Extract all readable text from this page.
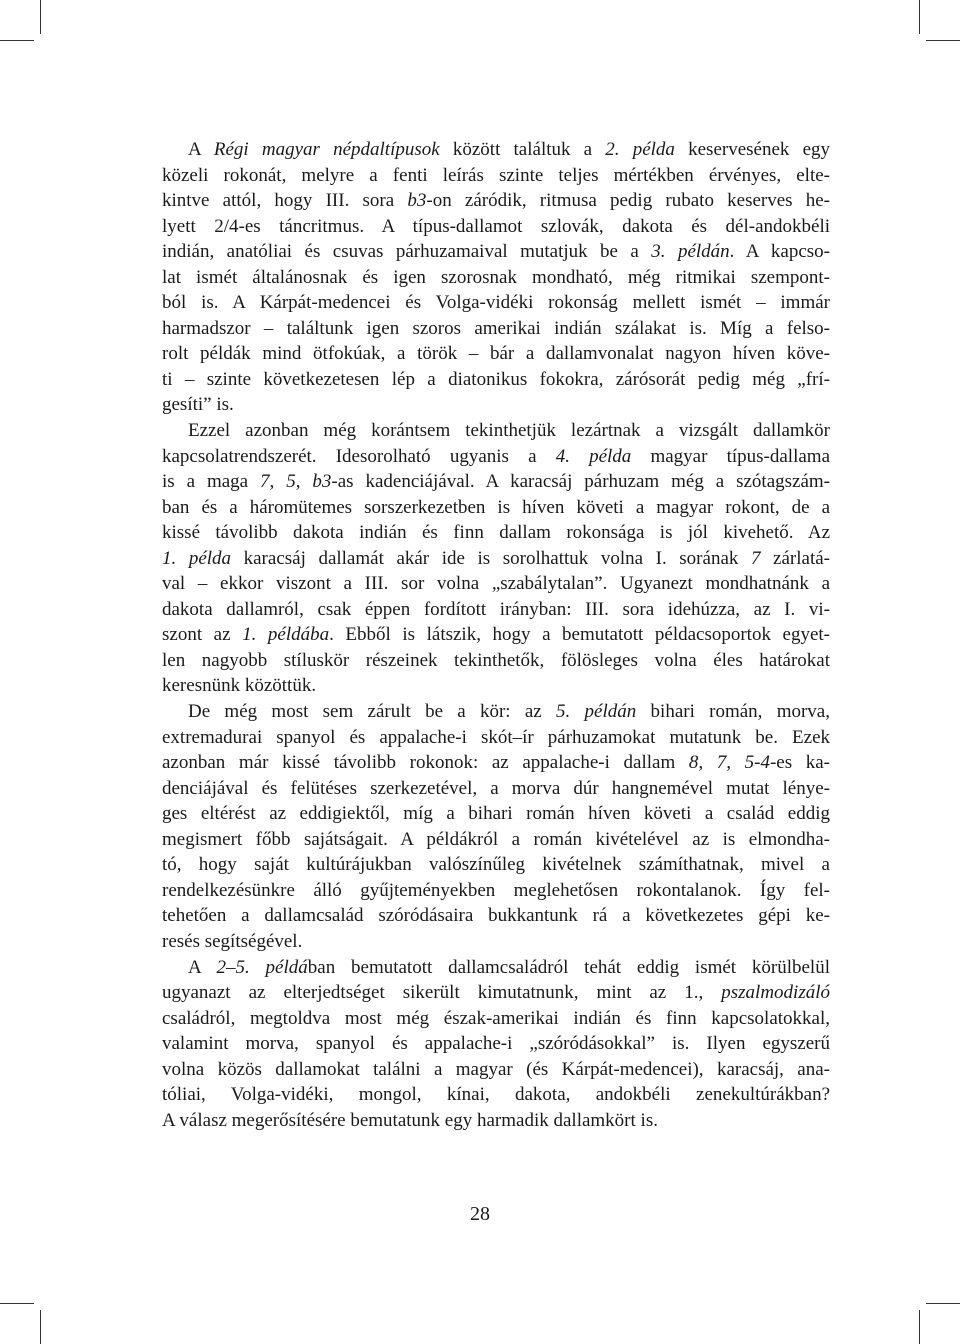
A Régi magyar népdaltípusok között találtuk a 2. példa keservesének egy
közeli rokonát, melyre a fenti leírás szinte teljes mértékben érvényes, elte-
kintve attól, hogy III. sora b3-on záródik, ritmusa pedig rubato keserves he-
lyett 2/4-es táncritmus. A típus-dallamot szlovák, dakota és dél-andokbéli
indián, anatóliai és csuvas párhuzamaival mutatjuk be a 3. példán. A kapcso-
lat ismét általánosnak és igen szorosnak mondható, még ritmikai szempont-
ból is. A Kárpát-medencei és Volga-vidéki rokonság mellett ismét – immár
harmadszor – találtunk igen szoros amerikai indián szálakat is. Míg a felso-
rolt példák mind ötfokúak, a török – bár a dallamvonalat nagyon híven köve-
ti – szinte következetesen lép a diatonikus fokokra, zárósorát pedig még „frí-
gesíti” is.
Ezzel azonban még korántsem tekinthetjük lezártnak a vizsgált dallamkör
kapcsolatrendszerét. Idesorolható ugyanis a 4. példa magyar típus-dallama
is a maga 7, 5, b3-as kadenciájával. A karacsáj párhuzam még a szótagszám-
ban és a háromütemes sorszerkezetben is híven követi a magyar rokont, de a
kissé távolibb dakota indián és finn dallam rokonsága is jól kivehető. Az
1. példa karacsáj dallamát akár ide is sorolhattuk volna I. sorának 7 zárlatá-
val – ekkor viszont a III. sor volna „szabálytalan”. Ugyanezt mondhatnánk a
dakota dallamról, csak éppen fordított irányban: III. sora idehúzza, az I. vi-
szont az 1. példába. Ebből is látszik, hogy a bemutatott példacsoportok egyet-
len nagyobb stíluskör részeinek tekinthetők, fölösleges volna éles határokat
keresnünk közöttük.
De még most sem zárult be a kör: az 5. példán bihari román, morva,
extremadurai spanyol és appalache-i skót–ír párhuzamokat mutatunk be. Ezek
azonban már kissé távolibb rokonok: az appalache-i dallam 8, 7, 5-4-es ka-
denciájával és felütéses szerkezetével, a morva dúr hangnemével mutat lénye-
ges eltérést az eddigiektől, míg a bihari román híven követi a család eddig
megismert főbb sajátságait. A példákról a román kivételével az is elmondha-
tó, hogy saját kultúrájukban valószínűleg kivételnek számíthatnak, mivel a
rendelkezésünkre álló gyűjteményekben meglehetősen rokontalanok. Így fel-
tehetően a dallamcsalád szóródásaira bukkantunk rá a következetes gépi ke-
resés segítségével.
A 2–5. példában bemutatott dallamcsaládról tehát eddig ismét körülbelül
ugyanazt az elterjedtséget sikerült kimutatnunk, mint az 1., pszalmodizáló
családról, megtoldva most még észak-amerikai indián és finn kapcsolatokkal,
valamint morva, spanyol és appalache-i „szóródásokkal” is. Ilyen egyszerű
volna közös dallamokat találni a magyar (és Kárpát-medencei), karacsáj, ana-
tóliai, Volga-vidéki, mongol, kínai, dakota, andokbéli zenekultúrákban?
A válasz megerősítésére bemutatunk egy harmadik dallamkört is.
28
